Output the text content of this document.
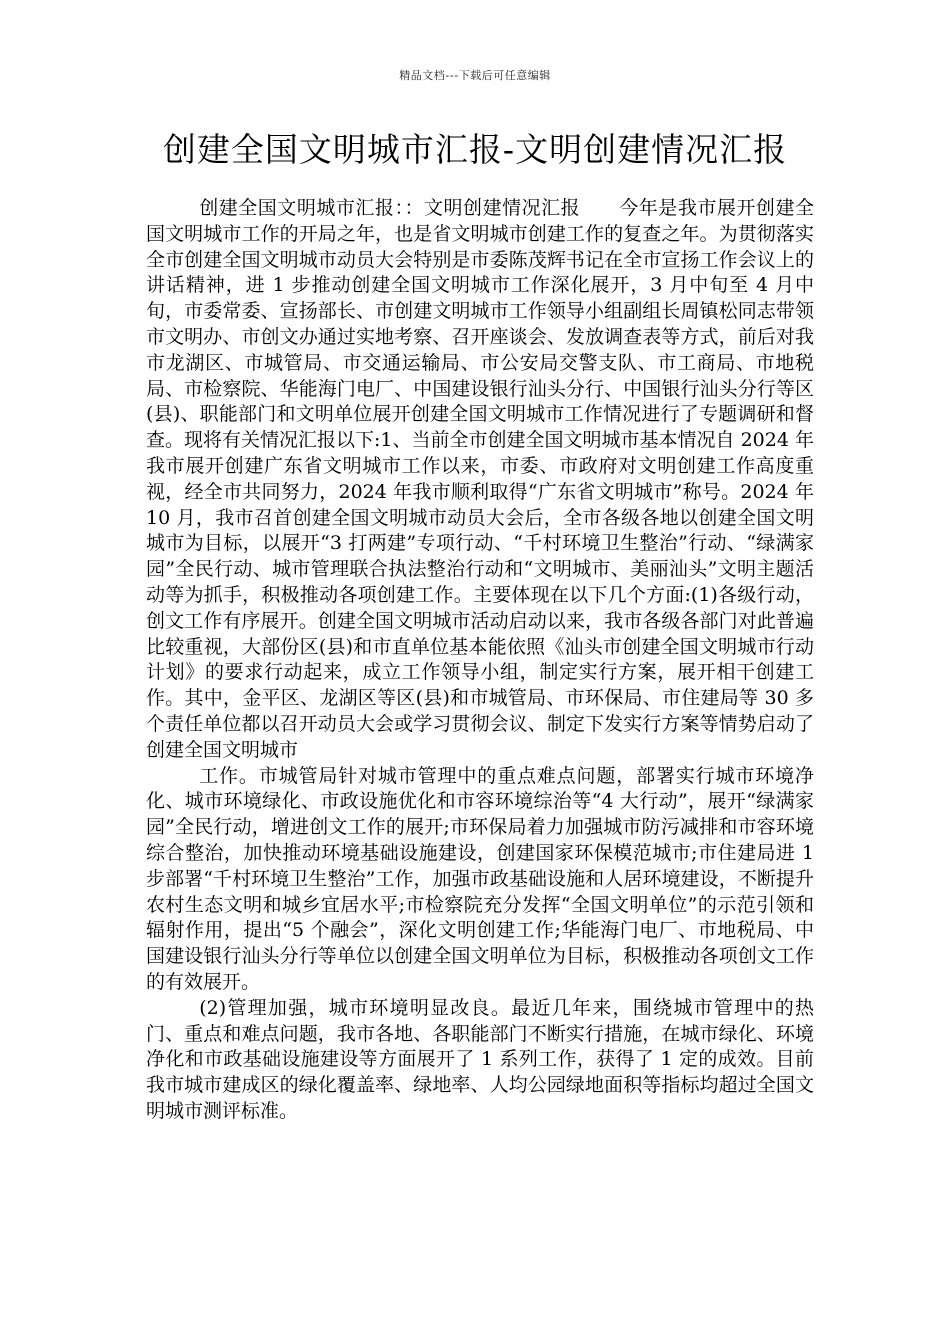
精品文档---下载后可任意编辑
创建全国文明城市汇报-文明创建情况汇报

创建全国文明城市汇报：：文明创建情况汇报　　今年是我市展开创建全国文明城市工作的开局之年，也是省文明城市创建工作的复查之年。为贯彻落实全市创建全国文明城市动员大会特别是市委陈茂辉书记在全市宣扬工作会议上的讲话精神，进 1 步推动创建全国文明城市工作深化展开，3 月中旬至 4 月中旬，市委常委、宣扬部长、市创建文明城市工作领导小组副组长周镇松同志带领市文明办、市创文办通过实地考察、召开座谈会、发放调查表等方式，前后对我市龙湖区、市城管局、市交通运输局、市公安局交警支队、市工商局、市地税局、市检察院、华能海门电厂、中国建设银行汕头分行、中国银行汕头分行等区(县)、职能部门和文明单位展开创建全国文明城市工作情况进行了专题调研和督查。现将有关情况汇报以下:1、当前全市创建全国文明城市基本情况自 2024 年我市展开创建广东省文明城市工作以来，市委、市政府对文明创建工作高度重视，经全市共同努力，2024 年我市顺利取得“广东省文明城市”称号。2024 年 10 月，我市召首创建全国文明城市动员大会后，全市各级各地以创建全国文明城市为目标，以展开“3 打两建”专项行动、“千村环境卫生整治”行动、“绿满家园”全民行动、城市管理联合执法整治行动和“文明城市、美丽汕头”文明主题活动等为抓手，积极推动各项创建工作。主要体现在以下几个方面:(1)各级行动，创文工作有序展开。创建全国文明城市活动启动以来，我市各级各部门对此普遍比较重视，大部份区(县)和市直单位基本能依照《汕头市创建全国文明城市行动计划》的要求行动起来，成立工作领导小组，制定实行方案，展开相干创建工作。其中，金平区、龙湖区等区(县)和市城管局、市环保局、市住建局等 30 多个责任单位都以召开动员大会或学习贯彻会议、制定下发实行方案等情势启动了创建全国文明城市

工作。市城管局针对城市管理中的重点难点问题，部署实行城市环境净化、城市环境绿化、市政设施优化和市容环境综治等“4 大行动”，展开“绿满家园”全民行动，增进创文工作的展开;市环保局着力加强城市防污减排和市容环境综合整治，加快推动环境基础设施建设，创建国家环保模范城市;市住建局进 1 步部署“千村环境卫生整治”工作，加强市政基础设施和人居环境建设，不断提升农村生态文明和城乡宜居水平;市检察院充分发挥“全国文明单位”的示范引领和辐射作用，提出“5 个融会”，深化文明创建工作;华能海门电厂、市地税局、中国建设银行汕头分行等单位以创建全国文明单位为目标，积极推动各项创文工作的有效展开。

(2)管理加强，城市环境明显改良。最近几年来，围绕城市管理中的热门、重点和难点问题，我市各地、各职能部门不断实行措施，在城市绿化、环境净化和市政基础设施建设等方面展开了 1 系列工作，获得了 1 定的成效。目前我市城市建成区的绿化覆盖率、绿地率、人均公园绿地面积等指标均超过全国文明城市测评标准。
